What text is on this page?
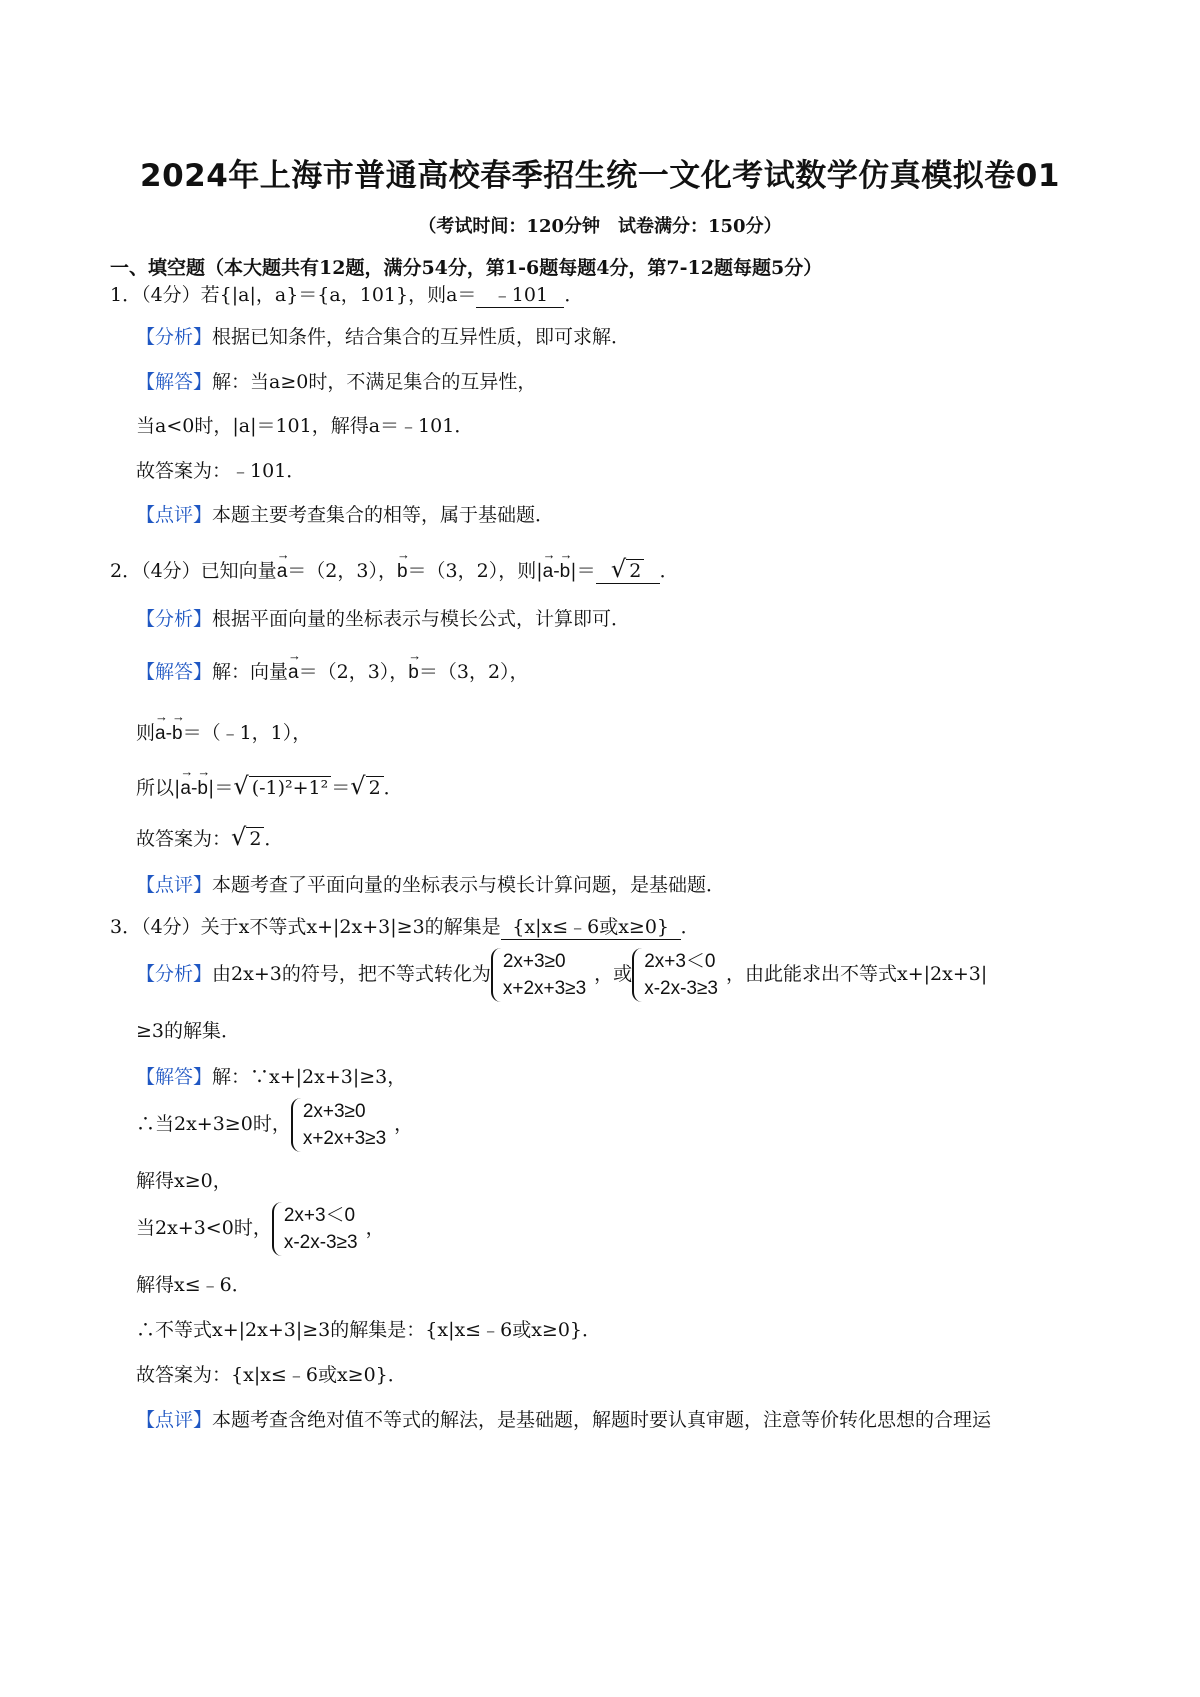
2024年上海市普通高校春季招生统一文化考试数学仿真模拟卷01
（考试时间：120分钟　试卷满分：150分）
一、填空题（本大题共有12题，满分54分，第1-6题每题4分，第7-12题每题5分）
1．（4分）若{|a|，a}＝{a，101}，则a＝ ﹣101 ．
【分析】根据已知条件，结合集合的互异性质，即可求解．
【解答】解：当a≥0时，不满足集合的互异性，
当a<0时，|a|＝101，解得a＝﹣101．
故答案为：﹣101．
【点评】本题主要考查集合的相等，属于基础题．
2．（4分）已知向量→ a＝（2，3），→ b＝（3，2），则|→ a-→ b|＝ √ 2 ．
【分析】根据平面向量的坐标表示与模长公式，计算即可．
【解答】解：向量→ a＝（2，3），→ b＝（3，2），
则→ a-→ b＝（﹣1，1），
所以|→ a-→ b|＝√ (-1)²+1² ＝√ 2 ．
故答案为：√ 2 ．
【点评】本题考查了平面向量的坐标表示与模长计算问题，是基础题．
3．（4分）关于x不等式x+|2x+3|≥3的解集是 {x|x≤﹣6或x≥0} ．
【分析】由2x+3的符号，把不等式转化为2x+3≥0
x+2x+3≥3，或2x+3＜0
x-2x-3≥3，由此能求出不等式x+|2x+3|
≥3的解集．
【解答】解：∵x+|2x+3|≥3，
∴当2x+3≥0时，2x+3≥0
x+2x+3≥3，
解得x≥0，
当2x+3<0时，2x+3＜0
x-2x-3≥3，
解得x≤﹣6．
∴不等式x+|2x+3|≥3的解集是：{x|x≤﹣6或x≥0}．
故答案为：{x|x≤﹣6或x≥0}．
【点评】本题考查含绝对值不等式的解法，是基础题，解题时要认真审题，注意等价转化思想的合理运
